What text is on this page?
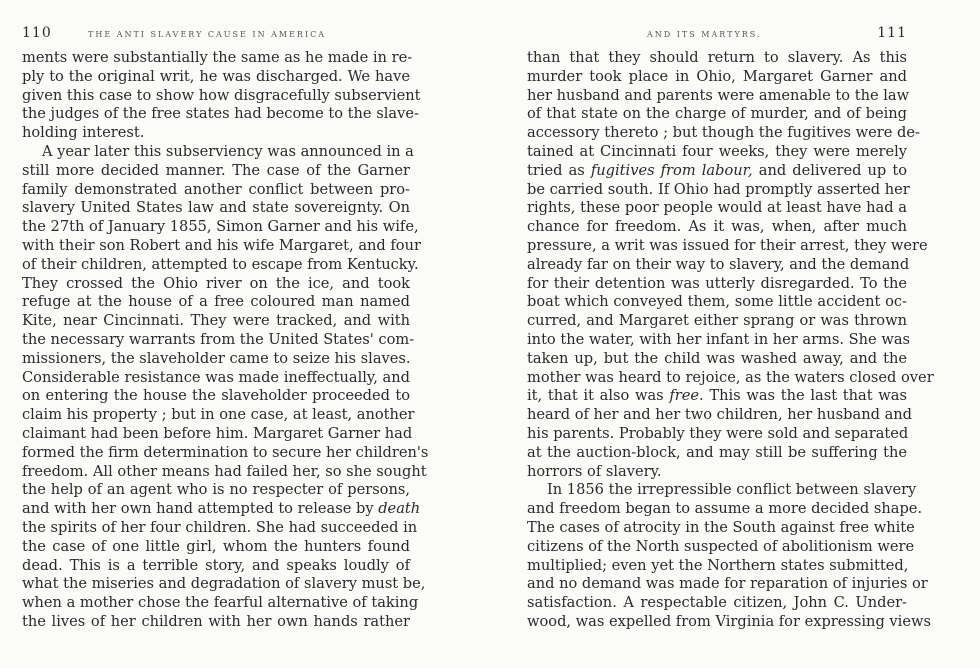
110	THE ANTI SLAVERY CAUSE IN AMERICA
ments were substantially the same as he made in re-
ply to the original writ, he was discharged. We have
given this case to show how disgracefully subservient
the judges of the free states had become to the slave-
holding interest.
A year later this subserviency was announced in a
still more decided manner. The case of the Garner
family demonstrated another conflict between pro-
slavery United States law and state sovereignty. On
the 27th of January 1855, Simon Garner and his wife,
with their son Robert and his wife Margaret, and four
of their children, attempted to escape from Kentucky.
They crossed the Ohio river on the ice, and took
refuge at the house of a free coloured man named
Kite, near Cincinnati. They were tracked, and with
the necessary warrants from the United States' com-
missioners, the slaveholder came to seize his slaves.
Considerable resistance was made ineffectually, and
on entering the house the slaveholder proceeded to
claim his property ; but in one case, at least, another
claimant had been before him. Margaret Garner had
formed the firm determination to secure her children's
freedom. All other means had failed her, so she sought
the help of an agent who is no respecter of persons,
and with her own hand attempted to release by death
the spirits of her four children. She had succeeded in
the case of one little girl, whom the hunters found
dead. This is a terrible story, and speaks loudly of
what the miseries and degradation of slavery must be,
when a mother chose the fearful alternative of taking
the lives of her children with her own hands rather
AND ITS MARTYRS.	111
than that they should return to slavery. As this
murder took place in Ohio, Margaret Garner and
her husband and parents were amenable to the law
of that state on the charge of murder, and of being
accessory thereto ; but though the fugitives were de-
tained at Cincinnati four weeks, they were merely
tried as fugitives from labour, and delivered up to
be carried south. If Ohio had promptly asserted her
rights, these poor people would at least have had a
chance for freedom. As it was, when, after much
pressure, a writ was issued for their arrest, they were
already far on their way to slavery, and the demand
for their detention was utterly disregarded. To the
boat which conveyed them, some little accident oc-
curred, and Margaret either sprang or was thrown
into the water, with her infant in her arms. She was
taken up, but the child was washed away, and the
mother was heard to rejoice, as the waters closed over
it, that it also was free. This was the last that was
heard of her and her two children, her husband and
his parents. Probably they were sold and separated
at the auction-block, and may still be suffering the
horrors of slavery.
In 1856 the irrepressible conflict between slavery
and freedom began to assume a more decided shape.
The cases of atrocity in the South against free white
citizens of the North suspected of abolitionism were
multiplied; even yet the Northern states submitted,
and no demand was made for reparation of injuries or
satisfaction. A respectable citizen, John C. Under-
wood, was expelled from Virginia for expressing views
